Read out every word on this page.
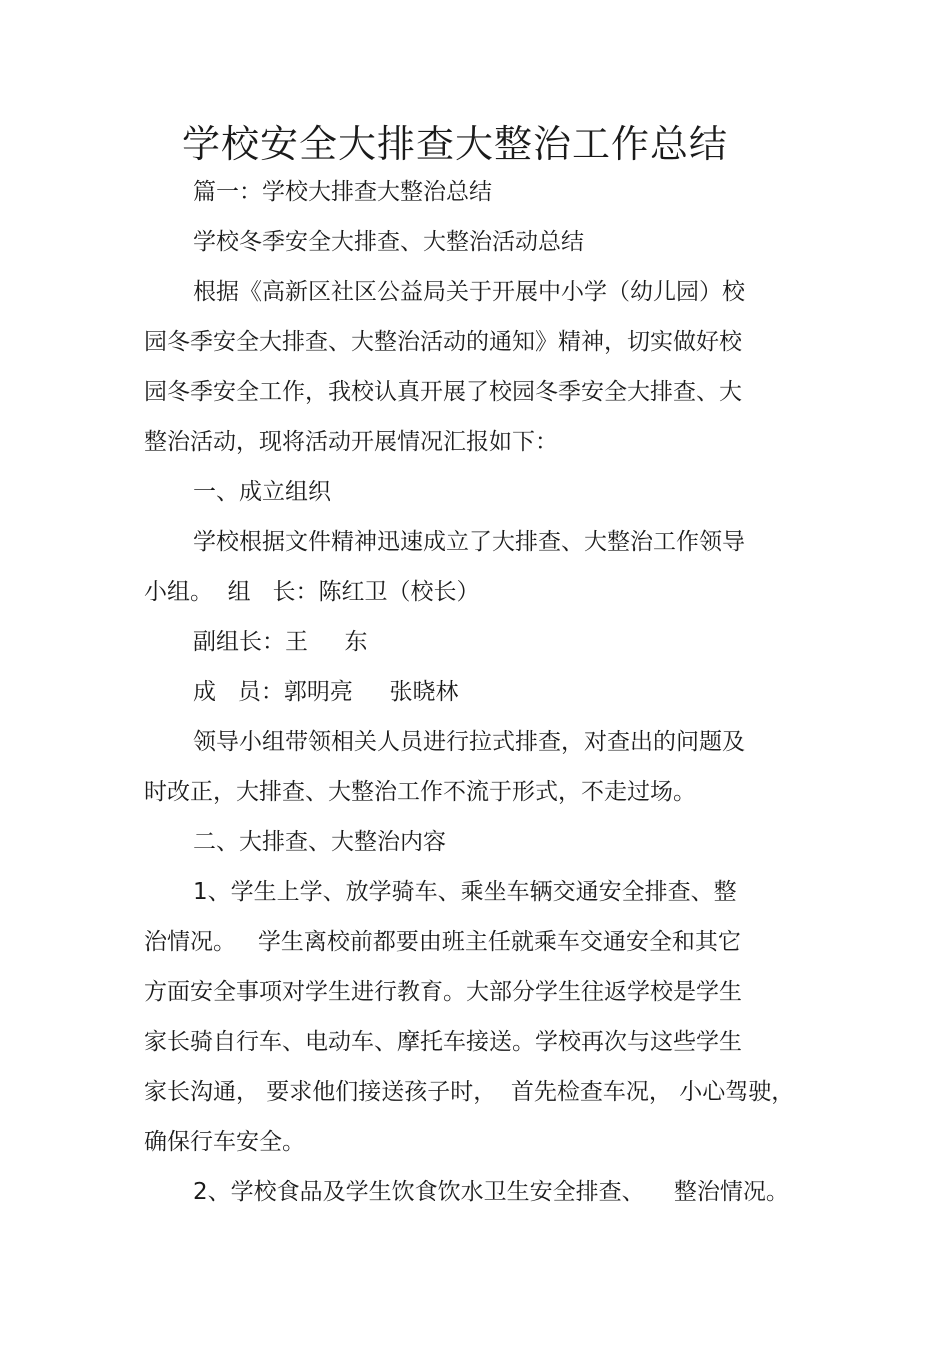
学校安全大排查大整治工作总结
篇一：学校大排查大整治总结
学校冬季安全大排查、大整治活动总结
根据《高新区社区公益局关于开展中小学（幼儿园）校
园冬季安全大排查、大整治活动的通知》精神，切实做好校
园冬季安全工作，我校认真开展了校园冬季安全大排查、大
整治活动，现将活动开展情况汇报如下：
一、成立组织
学校根据文件精神迅速成立了大排查、大整治工作领导
小组。  组   长：陈红卫（校长）
副组长：王     东
成   员：郭明亮     张晓林
领导小组带领相关人员进行拉式排查，对查出的问题及
时改正，大排查、大整治工作不流于形式，不走过场。
二、大排查、大整治内容
1、学生上学、放学骑车、乘坐车辆交通安全排查、整
治情况。   学生离校前都要由班主任就乘车交通安全和其它
方面安全事项对学生进行教育。大部分学生往返学校是学生
家长骑自行车、电动车、摩托车接送。学校再次与这些学生
家长沟通， 要求他们接送孩子时，  首先检查车况， 小心驾驶，
确保行车安全。
2、学校食品及学生饮食饮水卫生安全排查、    整治情况。
